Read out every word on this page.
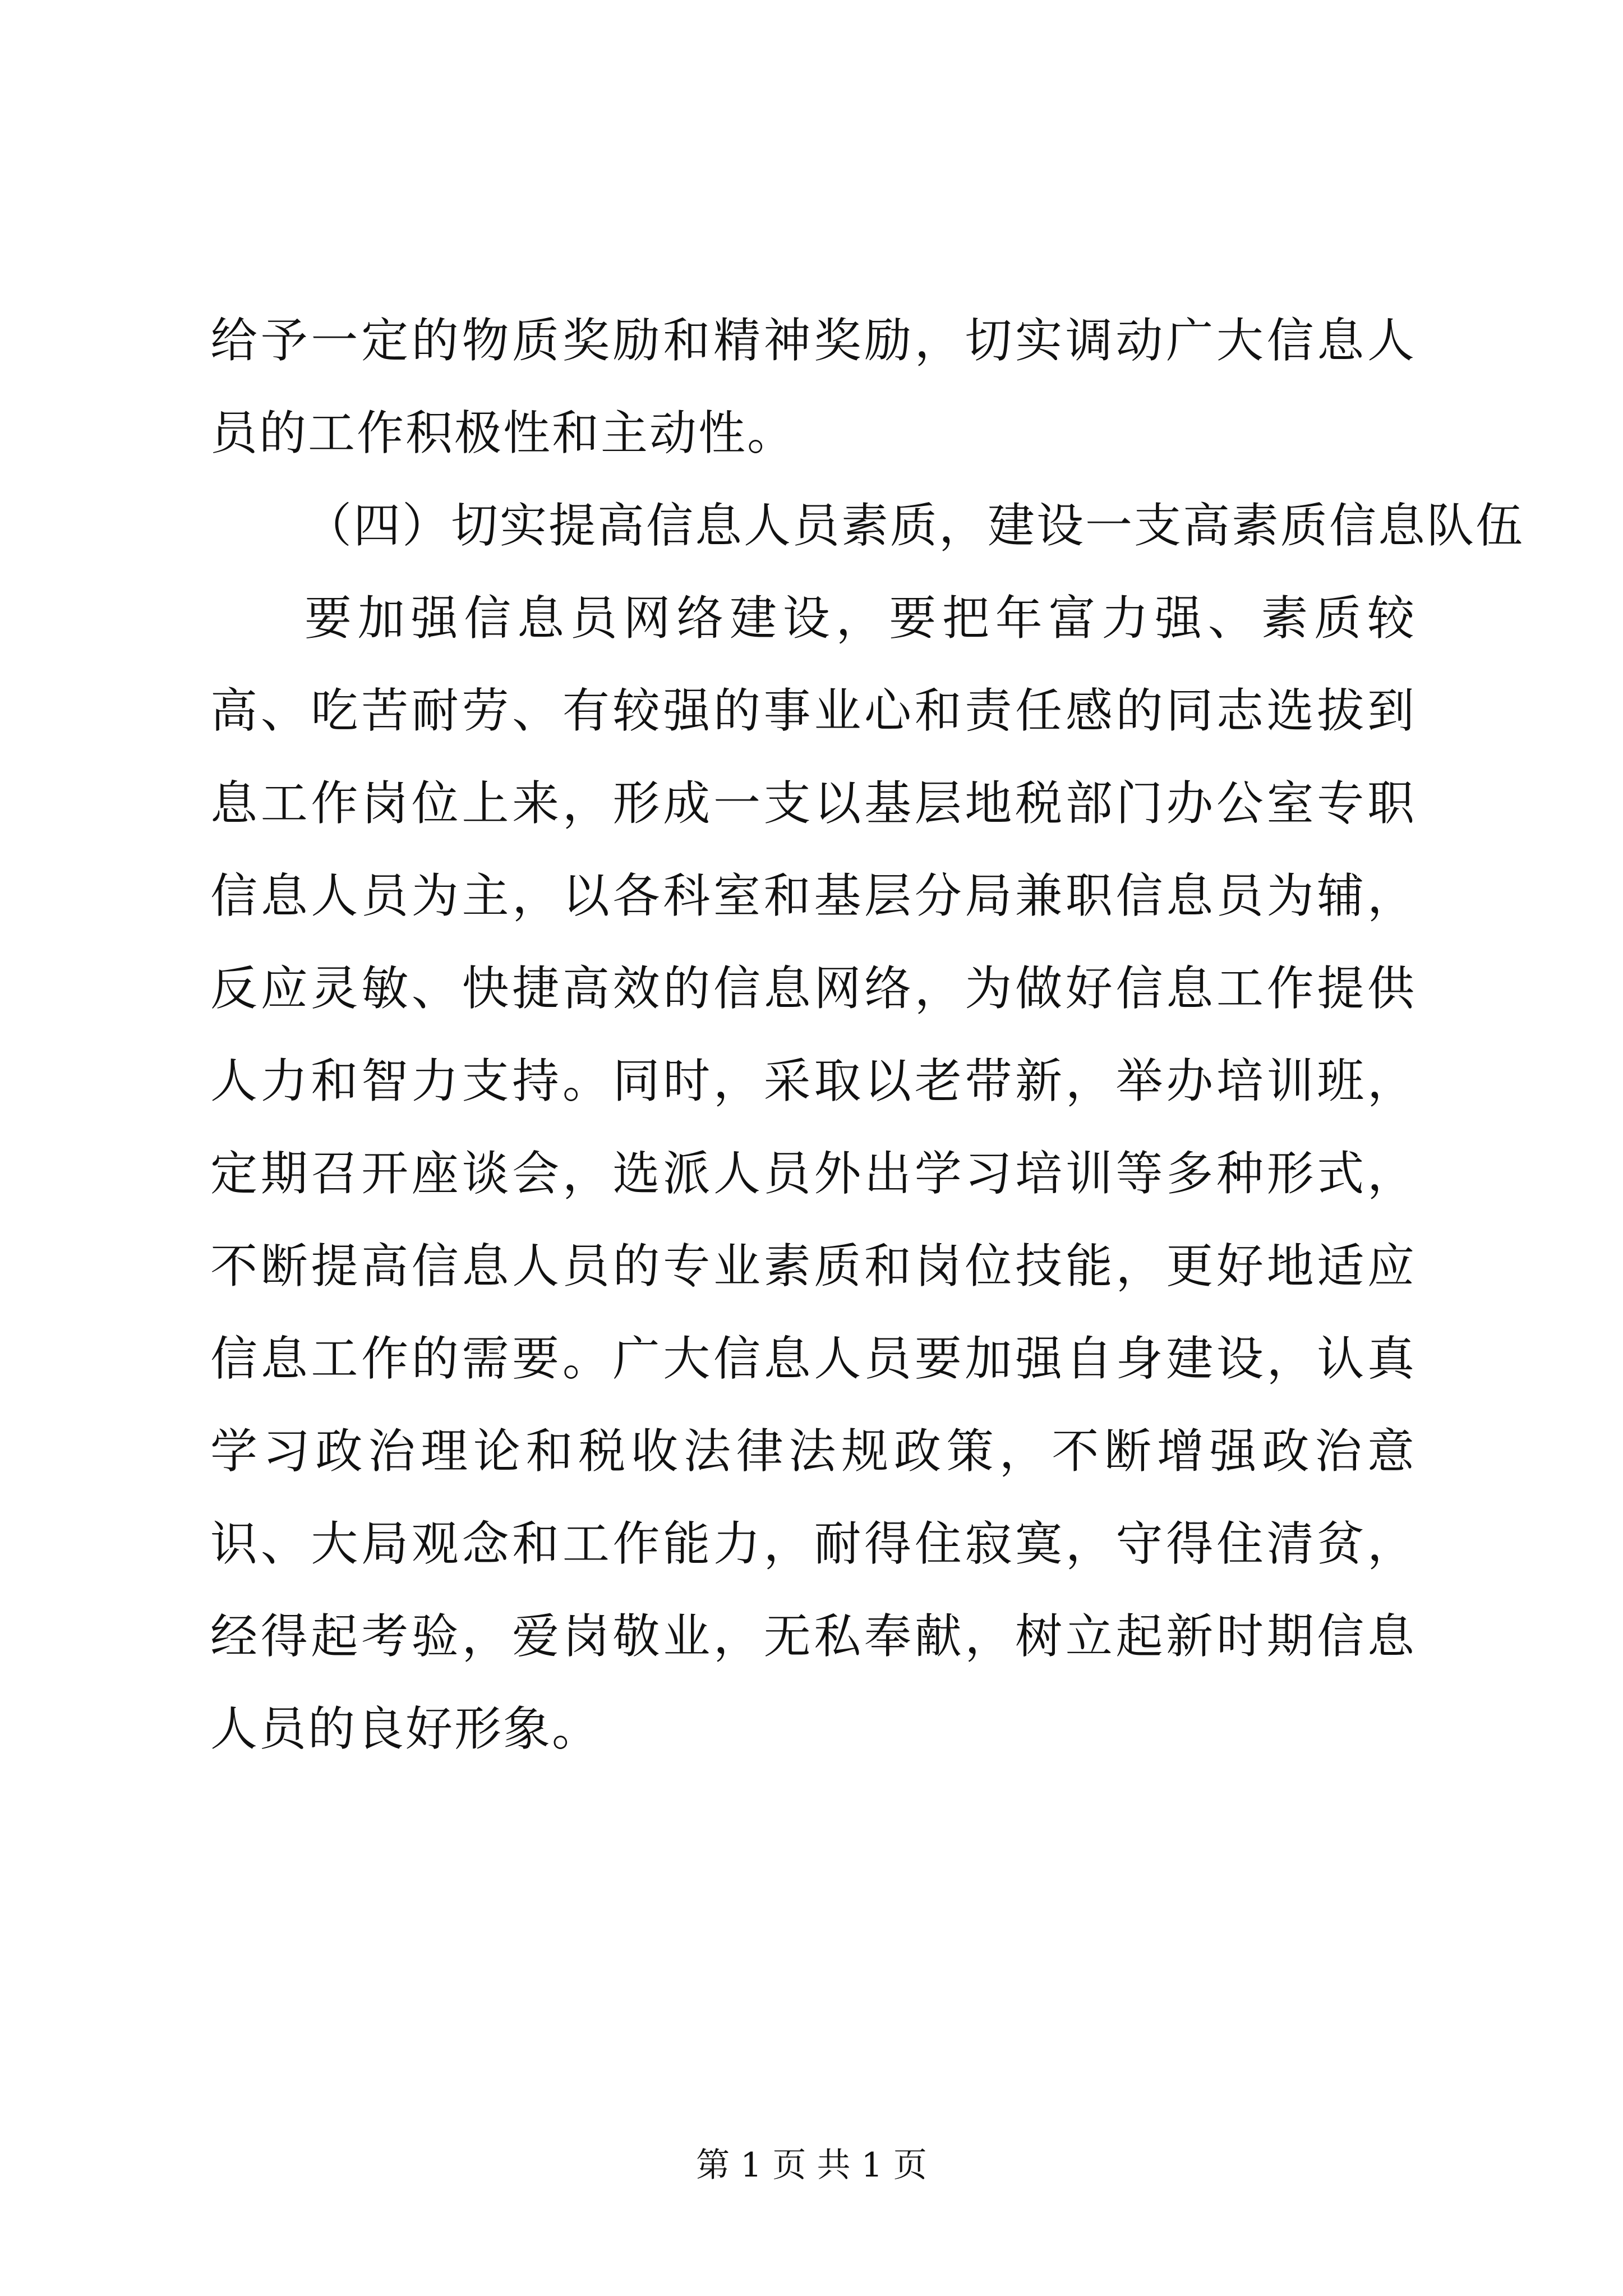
给予一定的物质奖励和精神奖励，切实调动广大信息人员的工作积极性和主动性。

（四）切实提高信息人员素质，建设一支高素质信息队伍

要加强信息员网络建设，要把年富力强、素质较高、吃苦耐劳、有较强的事业心和责任感的同志选拔到息工作岗位上来，形成一支以基层地税部门办公室专职信息人员为主，以各科室和基层分局兼职信息员为辅，反应灵敏、快捷高效的信息网络，为做好信息工作提供人力和智力支持。同时，采取以老带新，举办培训班，定期召开座谈会，选派人员外出学习培训等多种形式，不断提高信息人员的专业素质和岗位技能，更好地适应信息工作的需要。广大信息人员要加强自身建设，认真学习政治理论和税收法律法规政策，不断增强政治意识、大局观念和工作能力，耐得住寂寞，守得住清贫，经得起考验，爱岗敬业，无私奉献，树立起新时期信息人员的良好形象。

第 1 页 共 1 页
